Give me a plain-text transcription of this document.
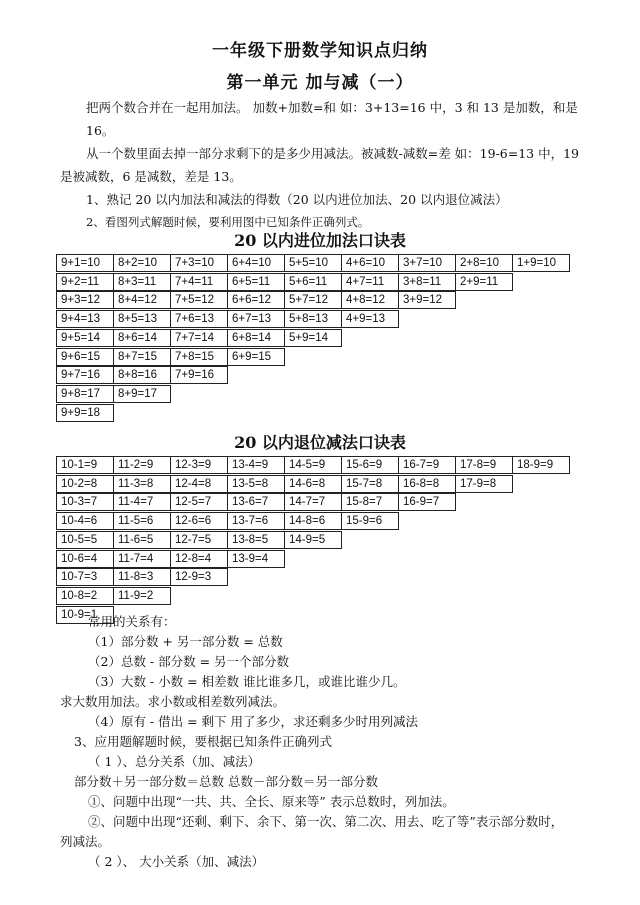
一年级下册数学知识点归纳
第一单元 加与减（一）
把两个数合并在一起用加法。 加数+加数=和 如：3+13=16 中，3 和 13 是加数，和是 16。
从一个数里面去掉一部分求剩下的是多少用减法。被减数-减数=差 如：19-6=13 中，19
是被减数，6 是减数，差是 13。
1、熟记 20 以内加法和减法的得数（20 以内进位加法、20 以内退位减法）
2、看图列式解题时候，要利用图中已知条件正确列式。
20 以内进位加法口诀表
9+1=10
9+2=11
9+3=12
9+4=13
9+5=14
9+6=15
9+7=16
9+8=17
9+9=18
8+2=10
8+3=11
8+4=12
8+5=13
8+6=14
8+7=15
8+8=16
8+9=17
7+3=10
7+4=11
7+5=12
7+6=13
7+7=14
7+8=15
7+9=16
6+4=10
6+5=11
6+6=12
6+7=13
6+8=14
6+9=15
5+5=10
5+6=11
5+7=12
5+8=13
5+9=14
4+6=10
4+7=11
4+8=12
4+9=13
3+7=10
3+8=11
3+9=12
2+8=10
2+9=11
1+9=10
20 以内退位减法口诀表
10-1=9
10-2=8
10-3=7
10-4=6
10-5=5
10-6=4
10-7=3
10-8=2
10-9=1
11-2=9
11-3=8
11-4=7
11-5=6
11-6=5
11-7=4
11-8=3
11-9=2
12-3=9
12-4=8
12-5=7
12-6=6
12-7=5
12-8=4
12-9=3
13-4=9
13-5=8
13-6=7
13-7=6
13-8=5
13-9=4
14-5=9
14-6=8
14-7=7
14-8=6
14-9=5
15-6=9
15-7=8
15-8=7
15-9=6
16-7=9
16-8=8
16-9=7
17-8=9
17-9=8
18-9=9
常用的关系有：
（1）部分数 + 另一部分数 = 总数
（2）总数 - 部分数 = 另一个部分数
（3）大数 - 小数 = 相差数 谁比谁多几，或谁比谁少几。
求大数用加法。求小数或相差数列减法。
（4）原有 - 借出 = 剩下 用了多少，求还剩多少时用列减法
3、应用题解题时候，要根据已知条件正确列式
（ 1 ）、总分关系（加、减法）
部分数＋另一部分数＝总数 总数－部分数＝另一部分数
①、问题中出现“一共、共、全长、原来等” 表示总数时，列加法。
②、问题中出现“还剩、剩下、余下、第一次、第二次、用去、吃了等”表示部分数时，
列减法。
（ 2 ）、 大小关系（加、减法）
